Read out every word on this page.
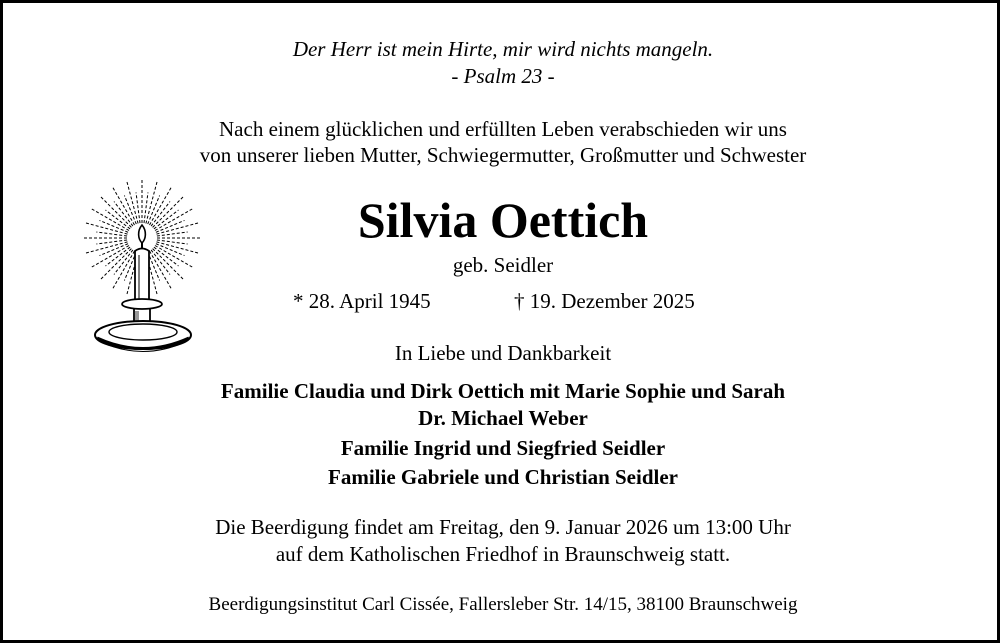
Der Herr ist mein Hirte, mir wird nichts mangeln.
- Psalm 23 -
Nach einem glücklichen und erfüllten Leben verabschieden wir uns
von unserer lieben Mutter, Schwiegermutter, Großmutter und Schwester
Silvia Oettich
geb. Seidler
* 28. April 1945	† 19. Dezember 2025
In Liebe und Dankbarkeit
Familie Claudia und Dirk Oettich mit Marie Sophie und Sarah
Dr. Michael Weber
Familie Ingrid und Siegfried Seidler
Familie Gabriele und Christian Seidler
Die Beerdigung findet am Freitag, den 9. Januar 2026 um 13:00 Uhr
auf dem Katholischen Friedhof in Braunschweig statt.
Beerdigungsinstitut Carl Cissée, Fallersleber Str. 14/15, 38100 Braunschweig
